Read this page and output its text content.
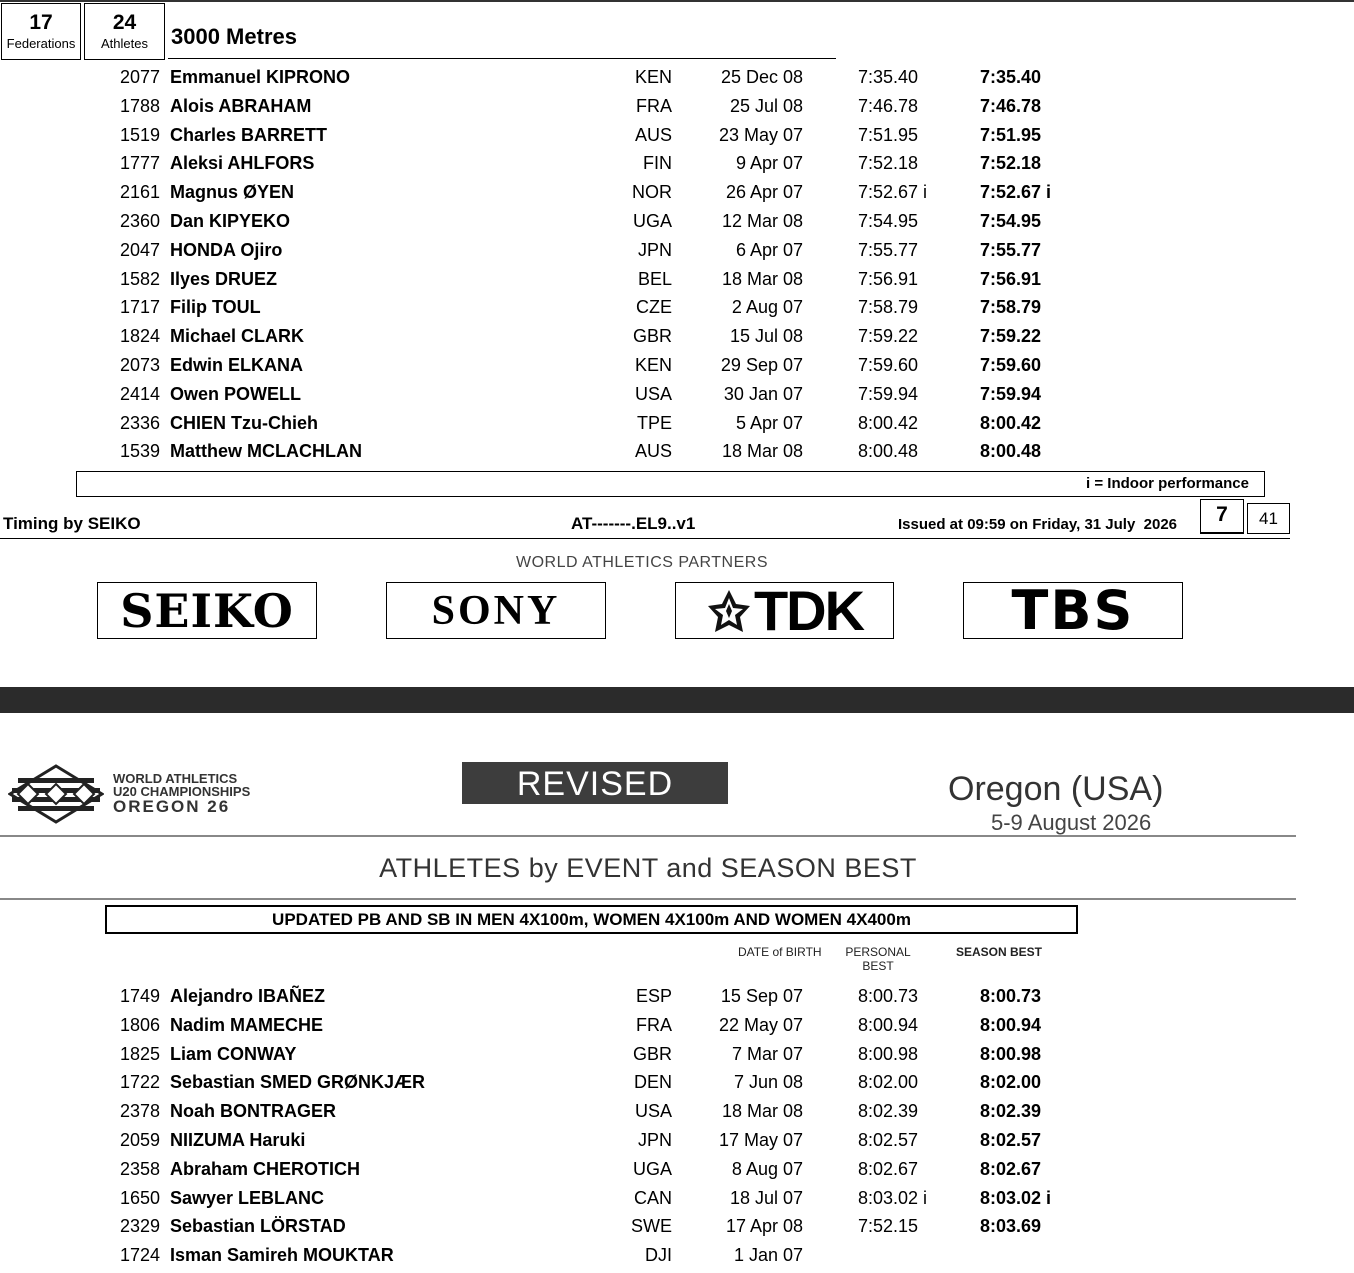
17
Federations
24
Athletes	3000 Metres
2077 Emmanuel KIPRONO	KEN	25 Dec 08	7:35.40	7:35.40
1788 Alois ABRAHAM	FRA	25 Jul 08	7:46.78	7:46.78
1519 Charles BARRETT	AUS	23 May 07	7:51.95	7:51.95
1777 Aleksi AHLFORS	FIN	9 Apr 07	7:52.18	7:52.18
2161 Magnus ØYEN	NOR	26 Apr 07	7:52.67 i	7:52.67 i
2360 Dan KIPYEKO	UGA	12 Mar 08	7:54.95	7:54.95
2047 HONDA Ojiro	JPN	6 Apr 07	7:55.77	7:55.77
1582 Ilyes DRUEZ	BEL	18 Mar 08	7:56.91	7:56.91
1717 Filip TOUL	CZE	2 Aug 07	7:58.79	7:58.79
1824 Michael CLARK	GBR	15 Jul 08	7:59.22	7:59.22
2073 Edwin ELKANA	KEN	29 Sep 07	7:59.60	7:59.60
2414 Owen POWELL	USA	30 Jan 07	7:59.94	7:59.94
2336 CHIEN Tzu-Chieh	TPE	5 Apr 07	8:00.42	8:00.42
1539 Matthew MCLACHLAN	AUS	18 Mar 08	8:00.48	8:00.48
i = Indoor performance
Timing by SEIKO	AT-------.EL9..v1	Issued at 09:59 on Friday, 31 July  2026	7	41
WORLD ATHLETICS PARTNERS
SEIKO	SONY	TDK	TBS
WORLD ATHLETICS
U20 CHAMPIONSHIPS
OREGON 26
REVISED	Oregon (USA)
5-9 August 2026
ATHLETES by EVENT and SEASON BEST
UPDATED PB AND SB IN MEN 4X100m, WOMEN 4X100m AND WOMEN 4X400m
DATE of BIRTH PERSONAL
BEST
SEASON BEST
1749 Alejandro IBAÑEZ	ESP	15 Sep 07	8:00.73	8:00.73
1806 Nadim MAMECHE	FRA	22 May 07	8:00.94	8:00.94
1825 Liam CONWAY	GBR	7 Mar 07	8:00.98	8:00.98
1722 Sebastian SMED GRØNKJÆR	DEN	7 Jun 08	8:02.00	8:02.00
2378 Noah BONTRAGER	USA	18 Mar 08	8:02.39	8:02.39
2059 NIIZUMA Haruki	JPN	17 May 07	8:02.57	8:02.57
2358 Abraham CHEROTICH	UGA	8 Aug 07	8:02.67	8:02.67
1650 Sawyer LEBLANC	CAN	18 Jul 07	8:03.02 i	8:03.02 i
2329 Sebastian LÖRSTAD	SWE	17 Apr 08	7:52.15	8:03.69
1724 Isman Samireh MOUKTAR	DJI	1 Jan 07
